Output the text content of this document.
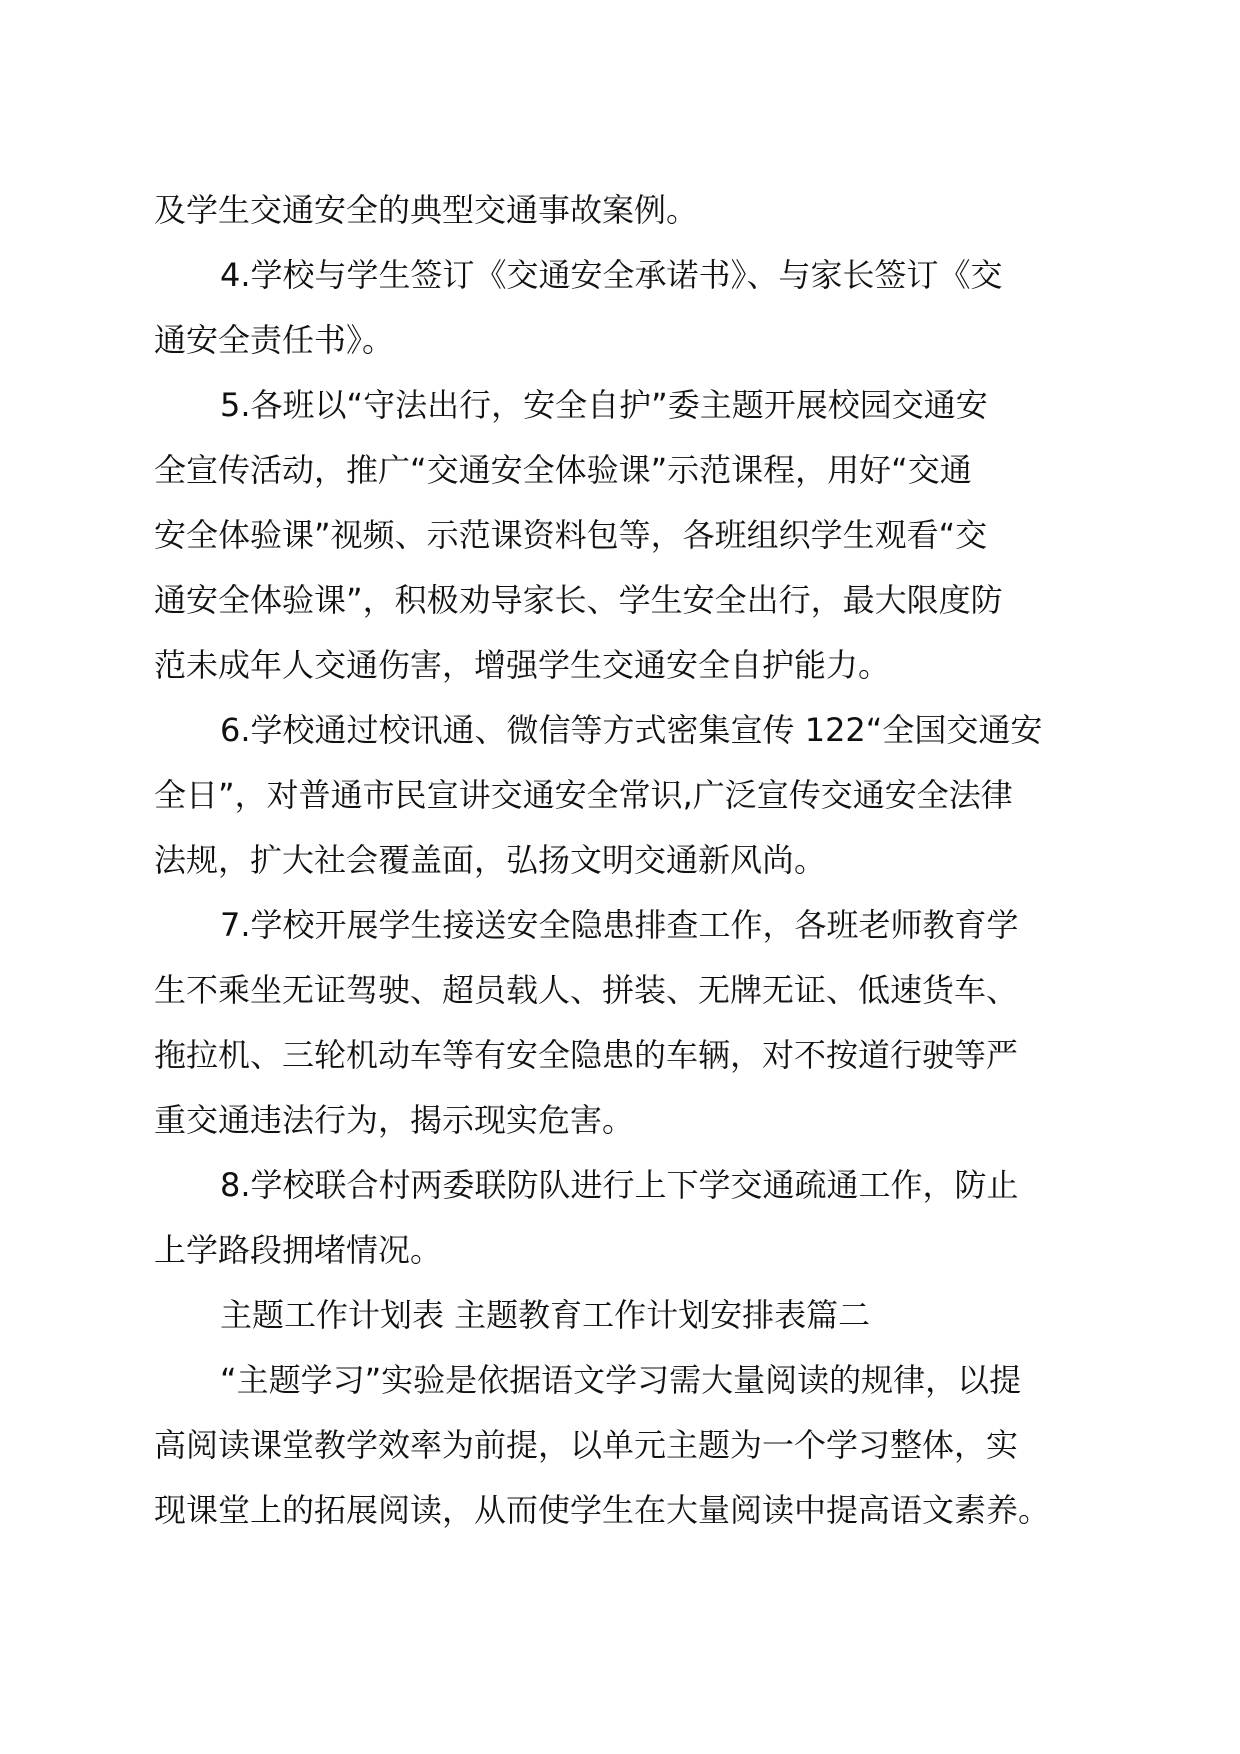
及学生交通安全的典型交通事故案例。

4.学校与学生签订《交通安全承诺书》、与家长签订《交
通安全责任书》。

5.各班以“守法出行，安全自护”委主题开展校园交通安
全宣传活动，推广“交通安全体验课”示范课程，用好“交通
安全体验课”视频、示范课资料包等，各班组织学生观看“交
通安全体验课”，积极劝导家长、学生安全出行，最大限度防
范未成年人交通伤害，增强学生交通安全自护能力。

6.学校通过校讯通、微信等方式密集宣传 122“全国交通安
全日”，对普通市民宣讲交通安全常识,广泛宣传交通安全法律
法规，扩大社会覆盖面，弘扬文明交通新风尚。

7.学校开展学生接送安全隐患排查工作，各班老师教育学
生不乘坐无证驾驶、超员载人、拼装、无牌无证、低速货车、
拖拉机、三轮机动车等有安全隐患的车辆，对不按道行驶等严
重交通违法行为，揭示现实危害。

8.学校联合村两委联防队进行上下学交通疏通工作，防止
上学路段拥堵情况。

主题工作计划表 主题教育工作计划安排表篇二

“主题学习”实验是依据语文学习需大量阅读的规律，以提
高阅读课堂教学效率为前提，以单元主题为一个学习整体，实
现课堂上的拓展阅读，从而使学生在大量阅读中提高语文素养。
